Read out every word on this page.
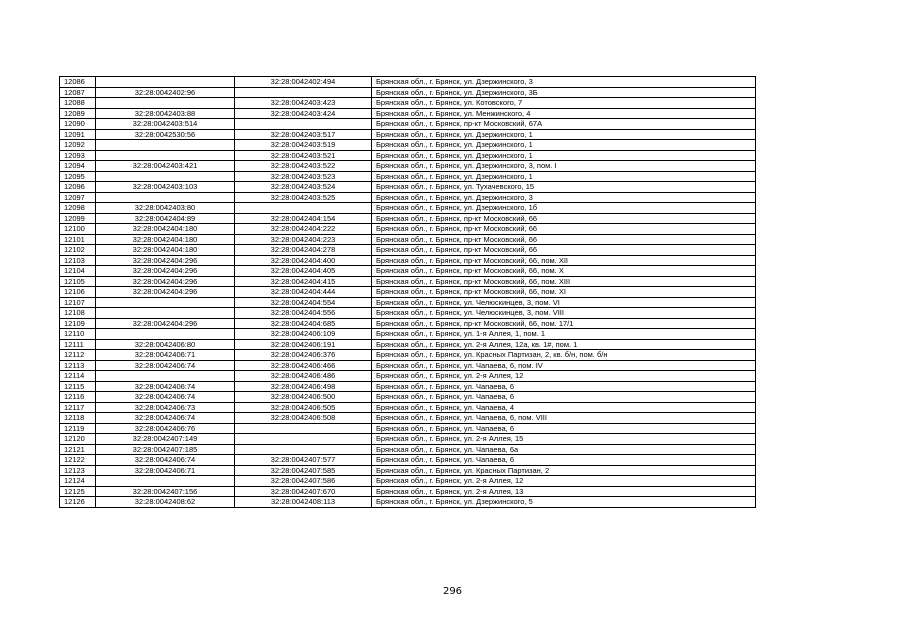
12086		32:28:0042402:494	Брянская обл., г. Брянск, ул. Дзержинского, 3
12087	32:28:0042402:96		Брянская обл., г. Брянск, ул. Дзержинского, 3Б
12088		32:28:0042403:423	Брянская обл., г. Брянск, ул. Котовского, 7
12089	32:28:0042403:88	32:28:0042403:424	Брянская обл., г. Брянск, ул. Менжинского, 4
12090	32:28:0042403:514		Брянская обл., г. Брянск, пр-кт Московский, 67А
12091	32:28:0042530:56	32:28:0042403:517	Брянская обл., г. Брянск, ул. Дзержинского, 1
12092		32:28:0042403:519	Брянская обл., г. Брянск, ул. Дзержинского, 1
12093		32:28:0042403:521	Брянская обл., г. Брянск, ул. Дзержинского, 1
12094	32:28:0042403:421	32:28:0042403:522	Брянская обл., г. Брянск, ул. Дзержинского, 3, пом. I
12095		32:28:0042403:523	Брянская обл., г. Брянск, ул. Дзержинского, 1
12096	32:28:0042403:103	32:28:0042403:524	Брянская обл., г. Брянск, ул. Тухачевского, 15
12097		32:28:0042403:525	Брянская обл., г. Брянск, ул. Дзержинского, 3
12098	32:28:0042403:80		Брянская обл., г. Брянск, ул. Дзержинского, 1б
12099	32:28:0042404:89	32:28:0042404:154	Брянская обл., г. Брянск, пр-кт Московский, 66
12100	32:28:0042404:180	32:28:0042404:222	Брянская обл., г. Брянск, пр-кт Московский, 66
12101	32:28:0042404:180	32:28:0042404:223	Брянская обл., г. Брянск, пр-кт Московский, 66
12102	32:28:0042404:180	32:28:0042404:278	Брянская обл., г. Брянск, пр-кт Московский, 66
12103	32:28:0042404:296	32:28:0042404:400	Брянская обл., г. Брянск, пр-кт Московский, 66, пом. XII
12104	32:28:0042404:296	32:28:0042404:405	Брянская обл., г. Брянск, пр-кт Московский, 66, пом. X
12105	32:28:0042404:296	32:28:0042404:415	Брянская обл., г. Брянск, пр-кт Московский, 66, пом. XIII
12106	32:28:0042404:296	32:28:0042404:444	Брянская обл., г. Брянск, пр-кт Московский, 66, пом. XI
12107		32:28:0042404:554	Брянская обл., г. Брянск, ул. Челюскинцев, 3, пом. VI
12108		32:28:0042404:556	Брянская обл., г. Брянск, ул. Челюскинцев, 3, пом. VIII
12109	32:28:0042404:296	32:28:0042404:685	Брянская обл., г. Брянск, пр-кт Московский, 66, пом. 17/1
12110		32:28:0042406:109	Брянская обл., г. Брянск, ул. 1-я Аллея, 1, пом. 1
12111	32:28:0042406:80	32:28:0042406:191	Брянская обл., г. Брянск, ул. 2-я Аллея, 12а, кв. 1#, пом. 1
12112	32:28:0042406:71	32:28:0042406:376	Брянская обл., г. Брянск, ул. Красных Партизан, 2, кв. б/н, пом. б/н
12113	32:28:0042406:74	32:28:0042406:466	Брянская обл., г. Брянск, ул. Чапаева, 6, пом. IV
12114		32:28:0042406:486	Брянская обл., г. Брянск, ул. 2-я Аллея, 12
12115	32:28:0042406:74	32:28:0042406:498	Брянская обл., г. Брянск, ул. Чапаева, 6
12116	32:28:0042406:74	32:28:0042406:500	Брянская обл., г. Брянск, ул. Чапаева, 6
12117	32:28:0042406:73	32:28:0042406:505	Брянская обл., г. Брянск, ул. Чапаева, 4
12118	32:28:0042406:74	32:28:0042406:508	Брянская обл., г. Брянск, ул. Чапаева, 6, пом. VIII
12119	32:28:0042406:76		Брянская обл., г. Брянск, ул. Чапаева, 6
12120	32:28:0042407:149		Брянская обл., г. Брянск, ул. 2-я Аллея, 15
12121	32:28:0042407:185		Брянская обл., г. Брянск, ул. Чапаева, 6а
12122	32:28:0042406:74	32:28:0042407:577	Брянская обл., г. Брянск, ул. Чапаева, 6
12123	32:28:0042406:71	32:28:0042407:585	Брянская обл., г. Брянск, ул. Красных Партизан, 2
12124		32:28:0042407:586	Брянская обл., г. Брянск, ул. 2-я Аллея, 12
12125	32:28:0042407:156	32:28:0042407:670	Брянская обл., г. Брянск, ул. 2-я Аллея, 13
12126	32:28:0042408:62	32:28:0042408:113	Брянская обл., г. Брянск, ул. Дзержинского, 5
296
